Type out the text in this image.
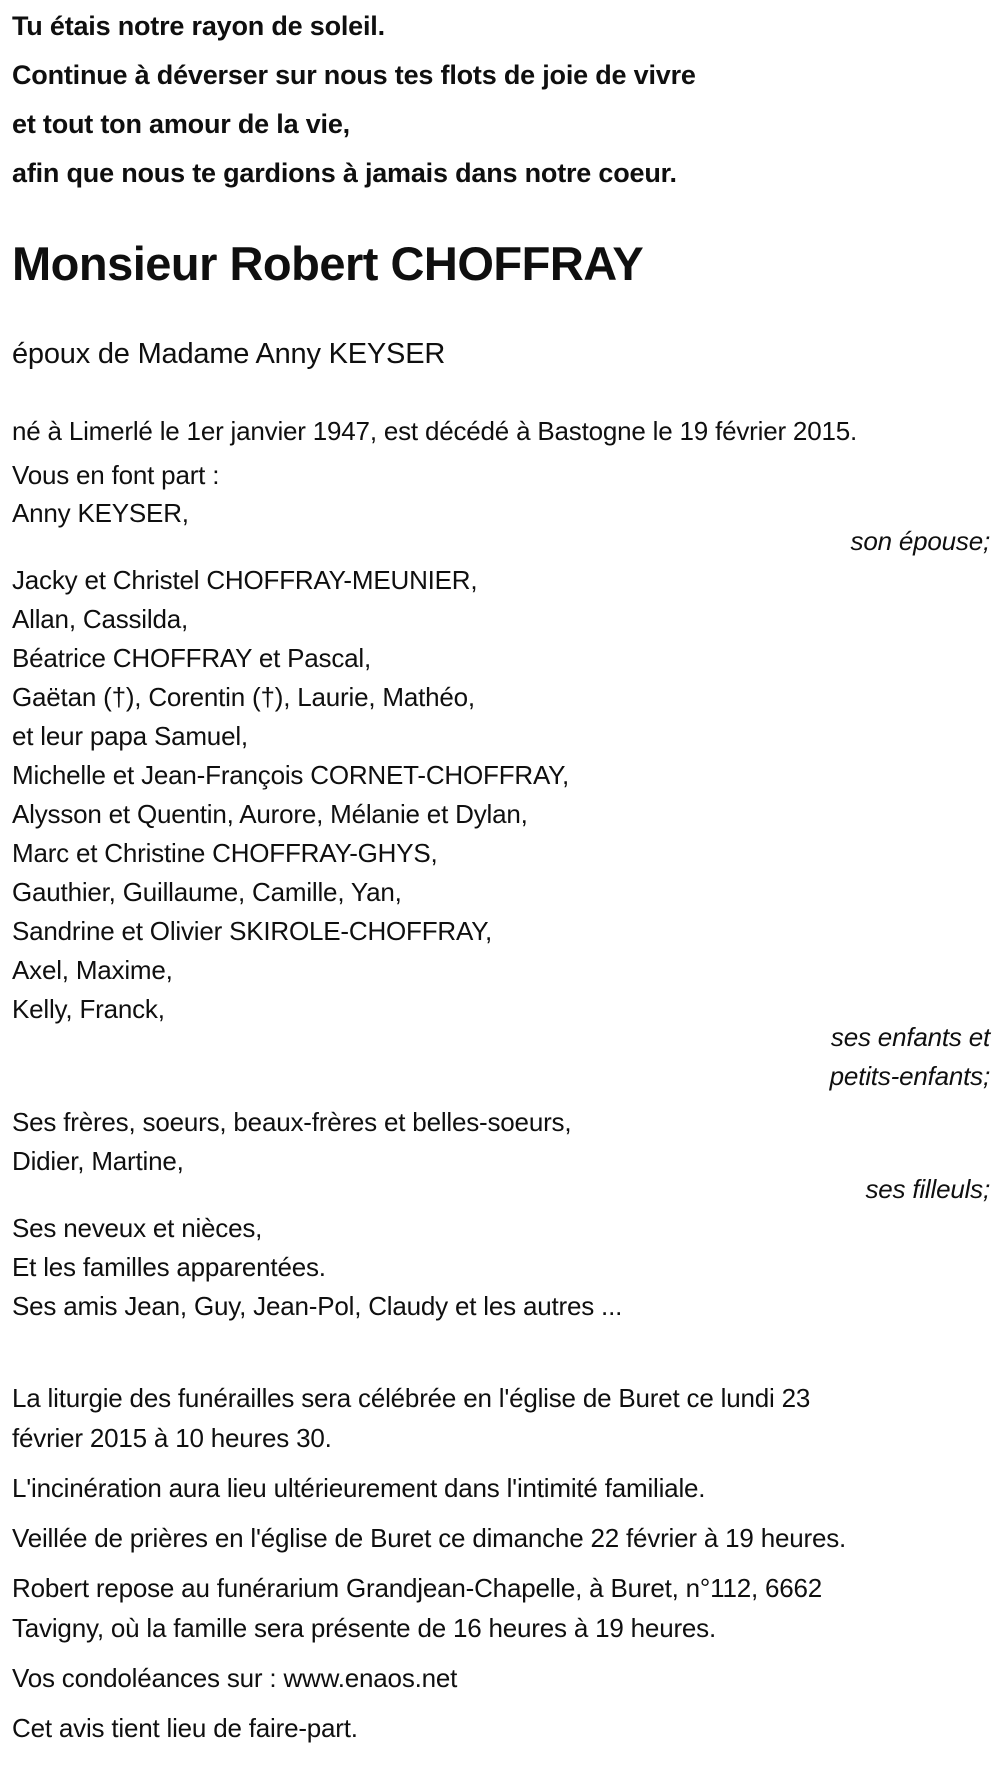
Tu étais notre rayon de soleil.
Continue à déverser sur nous tes flots de joie de vivre
et tout ton amour de la vie,
afin que nous te gardions à jamais dans notre coeur.
Monsieur Robert CHOFFRAY
époux de Madame Anny KEYSER
né à Limerlé le 1er janvier 1947, est décédé à Bastogne le 19 février 2015.
Vous en font part :
Anny KEYSER,
son épouse;
Jacky et Christel CHOFFRAY-MEUNIER,
Allan, Cassilda,
Béatrice CHOFFRAY et Pascal,
Gaëtan (†), Corentin (†), Laurie, Mathéo,
et leur papa Samuel,
Michelle et Jean-François CORNET-CHOFFRAY,
Alysson et Quentin, Aurore, Mélanie et Dylan,
Marc et Christine CHOFFRAY-GHYS,
Gauthier, Guillaume, Camille, Yan,
Sandrine et Olivier SKIROLE-CHOFFRAY,
Axel, Maxime,
Kelly, Franck,
ses enfants et
petits-enfants;
Ses frères, soeurs, beaux-frères et belles-soeurs,
Didier, Martine,
ses filleuls;
Ses neveux et nièces,
Et les familles apparentées.
Ses amis Jean, Guy, Jean-Pol, Claudy et les autres ...
La liturgie des funérailles sera célébrée en l'église de Buret ce lundi 23
février 2015 à 10 heures 30.
L'incinération aura lieu ultérieurement dans l'intimité familiale.
Veillée de prières en l'église de Buret ce dimanche 22 février à 19 heures.
Robert repose au funérarium Grandjean-Chapelle, à Buret, n°112, 6662
Tavigny, où la famille sera présente de 16 heures à 19 heures.
Vos condoléances sur : www.enaos.net
Cet avis tient lieu de faire-part.
